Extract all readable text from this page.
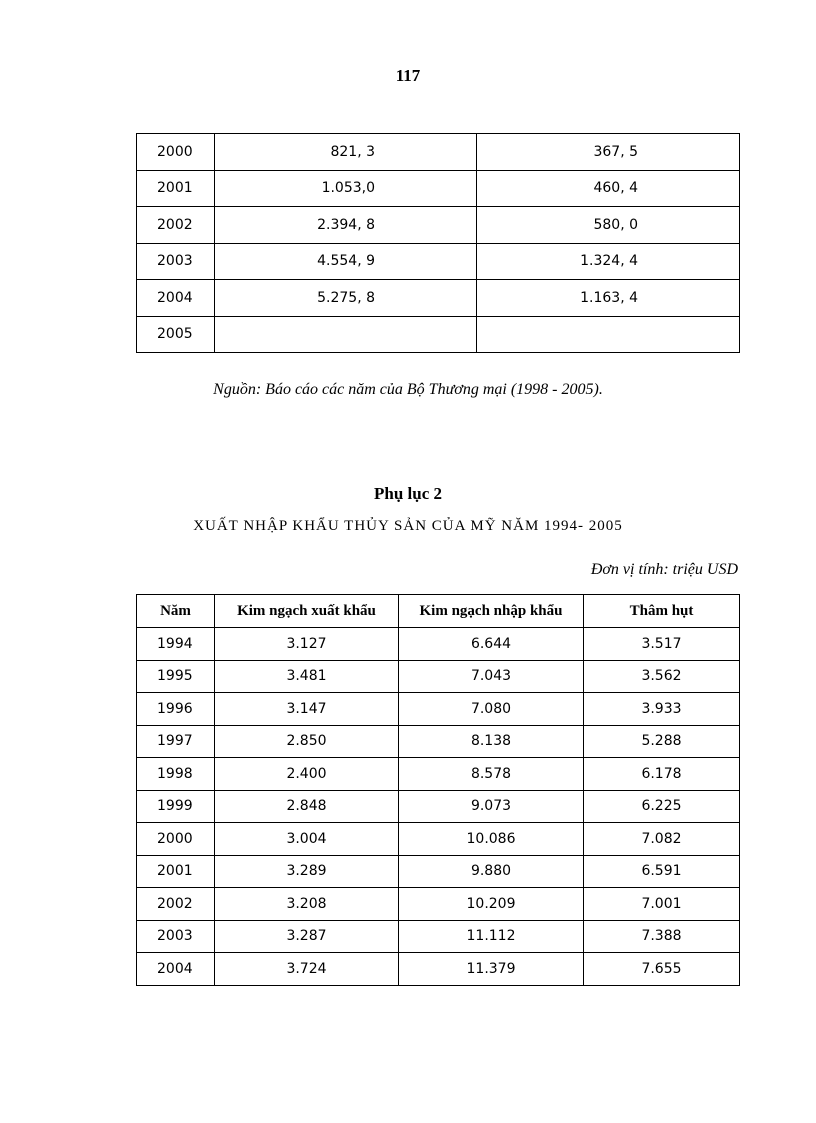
117
2000	821, 3	367, 5
2001	1.053,0	460, 4
2002	2.394, 8	580, 0
2003	4.554, 9	1.324, 4
2004	5.275, 8	1.163, 4
2005		
Nguồn: Báo cáo các năm của Bộ Thương mại (1998 - 2005).
Phụ lục 2
XUẤT NHẬP KHẨU THỦY SẢN CỦA MỸ NĂM 1994- 2005
Đơn vị tính: triệu USD
Năm	Kim ngạch xuất khẩu	Kim ngạch nhập khẩu	Thâm hụt
1994	3.127	6.644	3.517
1995	3.481	7.043	3.562
1996	3.147	7.080	3.933
1997	2.850	8.138	5.288
1998	2.400	8.578	6.178
1999	2.848	9.073	6.225
2000	3.004	10.086	7.082
2001	3.289	9.880	6.591
2002	3.208	10.209	7.001
2003	3.287	11.112	7.388
2004	3.724	11.379	7.655
